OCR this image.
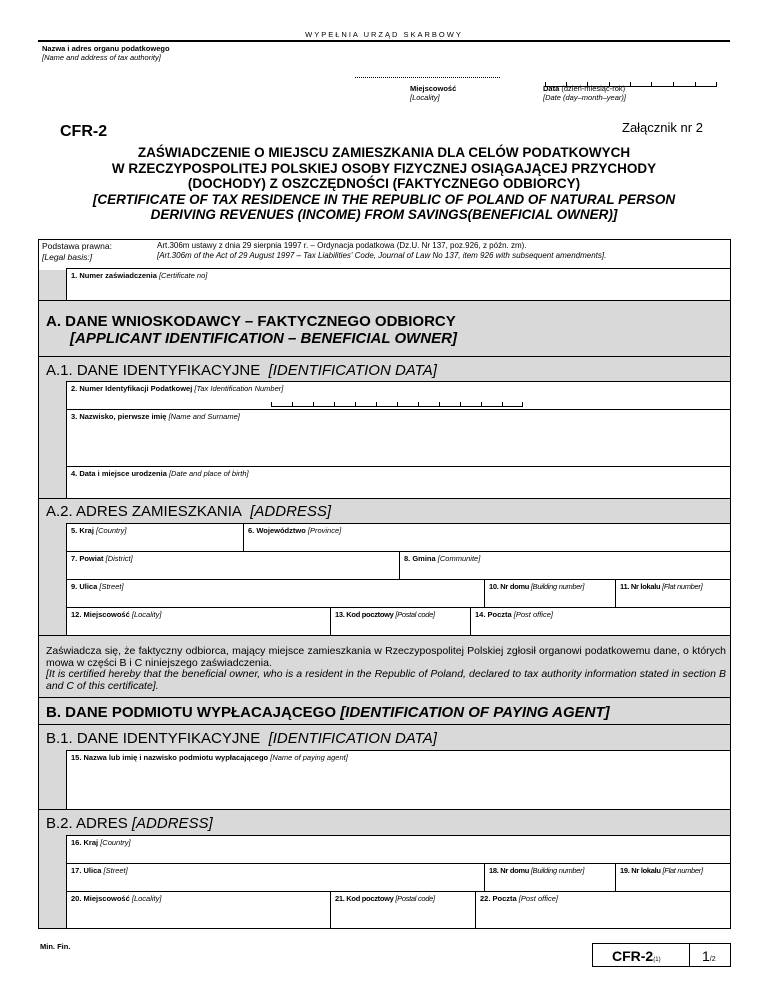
WYPEŁNIA URZĄD SKARBOWY
Nazwa i adres organu podatkowego
[Name and address of tax authority]
Miejscowość
[Locality]
Data (dzień-miesiąc-rok)
[Date (day–month–year)]
CFR-2	Załącznik nr 2
ZAŚWIADCZENIE O MIEJSCU ZAMIESZKANIA DLA CELÓW PODATKOWYCH
W RZECZYPOSPOLITEJ POLSKIEJ OSOBY FIZYCZNEJ OSIĄGAJĄCEJ PRZYCHODY
(DOCHODY) Z OSZCZĘDNOŚCI (FAKTYCZNEGO ODBIORCY)
[CERTIFICATE OF TAX RESIDENCE IN THE REPUBLIC OF POLAND OF NATURAL PERSON
DERIVING REVENUES (INCOME) FROM SAVINGS(BENEFICIAL OWNER)]
Podstawa prawna:
[Legal basis:]
Art.306m ustawy z dnia 29 sierpnia 1997 r. – Ordynacja podatkowa (Dz.U. Nr 137, poz.926, z późn. zm).
[Art.306m of the Act of 29 August 1997 – Tax Liabilities' Code, Journal of Law No 137, item 926 with subsequent amendments].
1. Numer zaświadczenia [Certificate no]
A. DANE WNIOSKODAWCY – FAKTYCZNEGO ODBIORCY
[APPLICANT IDENTIFICATION – BENEFICIAL OWNER]
A.1. DANE IDENTYFIKACYJNE [IDENTIFICATION DATA]
2. Numer Identyfikacji Podatkowej [Tax Identification Number]
3. Nazwisko, pierwsze imię [Name and Surname]
4. Data i miejsce urodzenia [Date and place of birth]
A.2. ADRES ZAMIESZKANIA [ADDRESS]
5. Kraj [Country]	6. Województwo [Province]
7. Powiat [District]	8. Gmina [Communite]
9. Ulica [Street]	10. Nr domu [Building number]	11. Nr lokalu [Flat number]
12. Miejscowość [Locality]	13. Kod pocztowy [Postal code]	14. Poczta [Post office]
Zaświadcza się, że faktyczny odbiorca, mający miejsce zamieszkania w Rzeczypospolitej Polskiej zgłosił organowi podatkowemu dane, o których mowa w części B i C niniejszego zaświadczenia.
[It is certified hereby that the beneficial owner, who is a resident in the Republic of Poland, declared to tax authority information stated in section B and C of this certificate].
B. DANE PODMIOTU WYPŁACAJĄCEGO [IDENTIFICATION OF PAYING AGENT]
B.1. DANE IDENTYFIKACYJNE [IDENTIFICATION DATA]
15. Nazwa lub imię i nazwisko podmiotu wypłacającego [Name of paying agent]
B.2. ADRES [ADDRESS]
16. Kraj [Country]
17. Ulica [Street]	18. Nr domu [Building number]	19. Nr lokalu [Flat number]
20. Miejscowość [Locality]	21. Kod pocztowy [Postal code]	22. Poczta [Post office]
Min. Fin.
CFR-2(1)	1/2
